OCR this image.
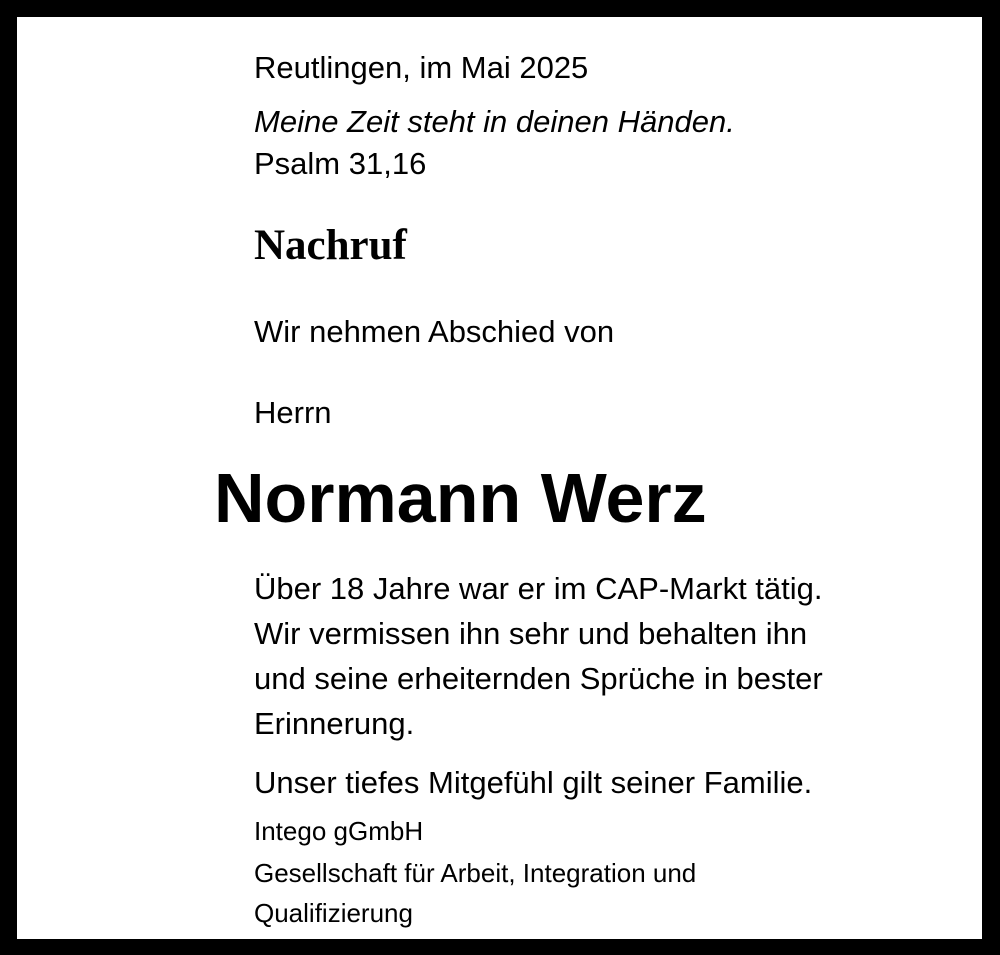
Reutlingen, im Mai 2025

Meine Zeit steht in deinen Händen.

Psalm 31,16

Nachruf

Wir nehmen Abschied von

Herrn

Normann Werz
Über 18 Jahre war er im CAP-Markt tätig.
Wir vermissen ihn sehr und behalten ihn
und seine erheiternden Sprüche in bester
Erinnerung.

Unser tiefes Mitgefühl gilt seiner Familie.

Intego gGmbH

Gesellschaft für Arbeit, Integration und
Qualifizierung
